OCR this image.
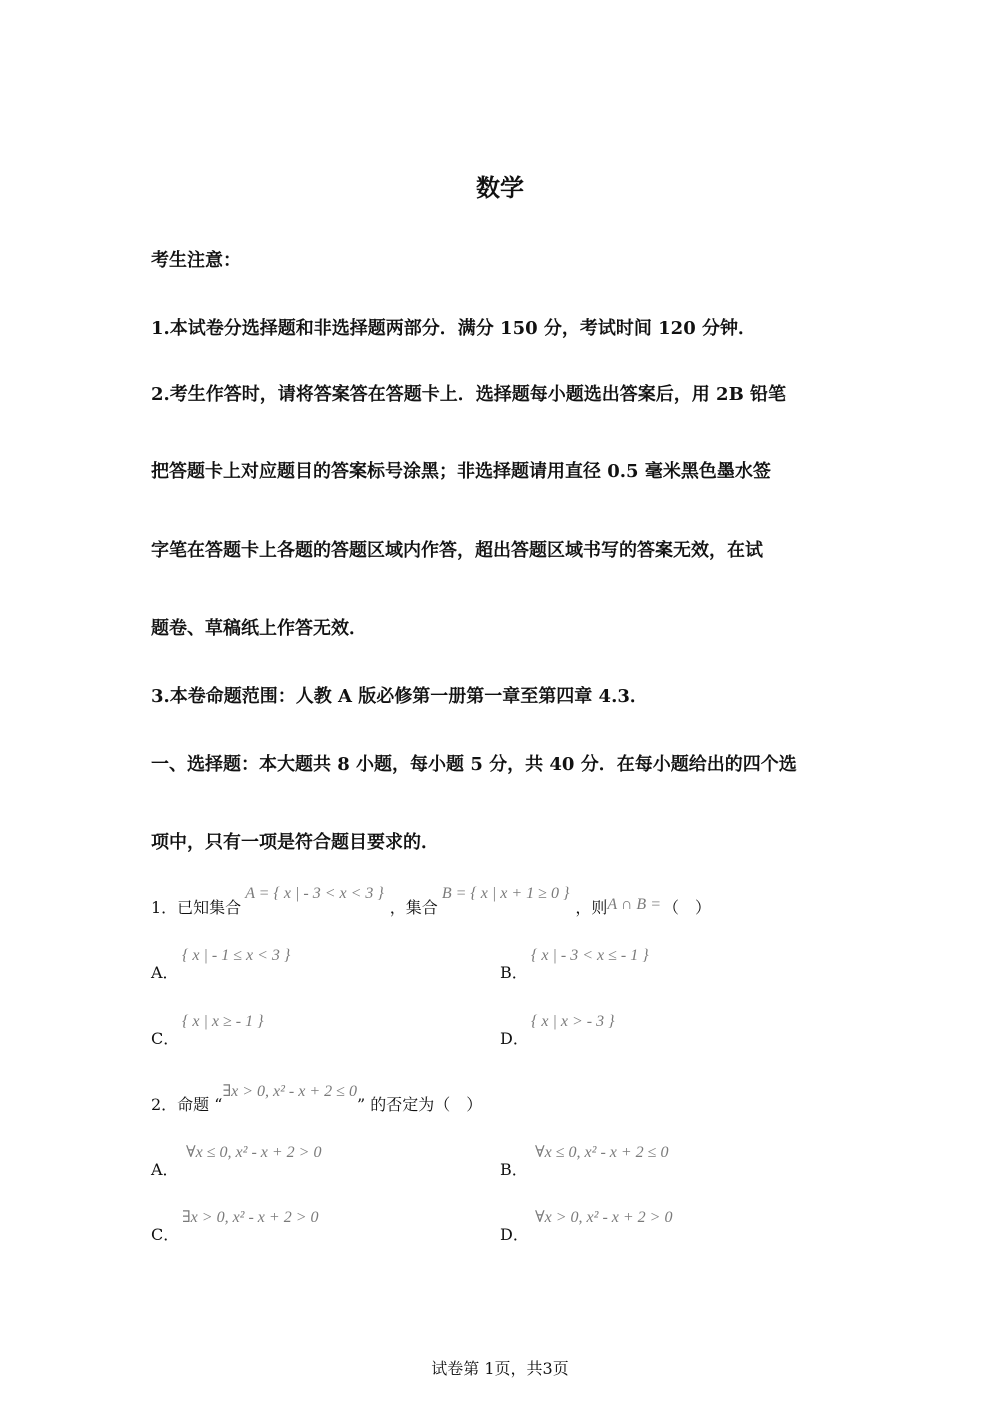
数学
考生注意：
1.本试卷分选择题和非选择题两部分．满分 150 分，考试时间 120 分钟．
2.考生作答时，请将答案答在答题卡上．选择题每小题选出答案后，用 2B 铅笔
把答题卡上对应题目的答案标号涂黑；非选择题请用直径 0.5 毫米黑色墨水签
字笔在答题卡上各题的答题区域内作答，超出答题区域书写的答案无效，在试
题卷、草稿纸上作答无效．
3.本卷命题范围：人教 A 版必修第一册第一章至第四章 4.3．
一、选择题：本大题共 8 小题，每小题 5 分，共 40 分．在每小题给出的四个选
项中，只有一项是符合题目要求的．
1．已知集合A = { x | - 3 < x < 3 }，集合B = { x | x + 1 ≥ 0 }，则A ∩ B = （　）
A．
{ x | - 1 ≤ x < 3 }
B．
{ x | - 3 < x ≤ - 1 }
C．
{ x | x ≥ - 1 }
D．
{ x | x > - 3 }
2．命题 “∃x > 0, x² - x + 2 ≤ 0” 的否定为（　）
A．
∀x ≤ 0, x² - x + 2 > 0
B．
∀x ≤ 0, x² - x + 2 ≤ 0
C．
∃x > 0, x² - x + 2 > 0
D．
∀x > 0, x² - x + 2 > 0
试卷第 1页，共3页
